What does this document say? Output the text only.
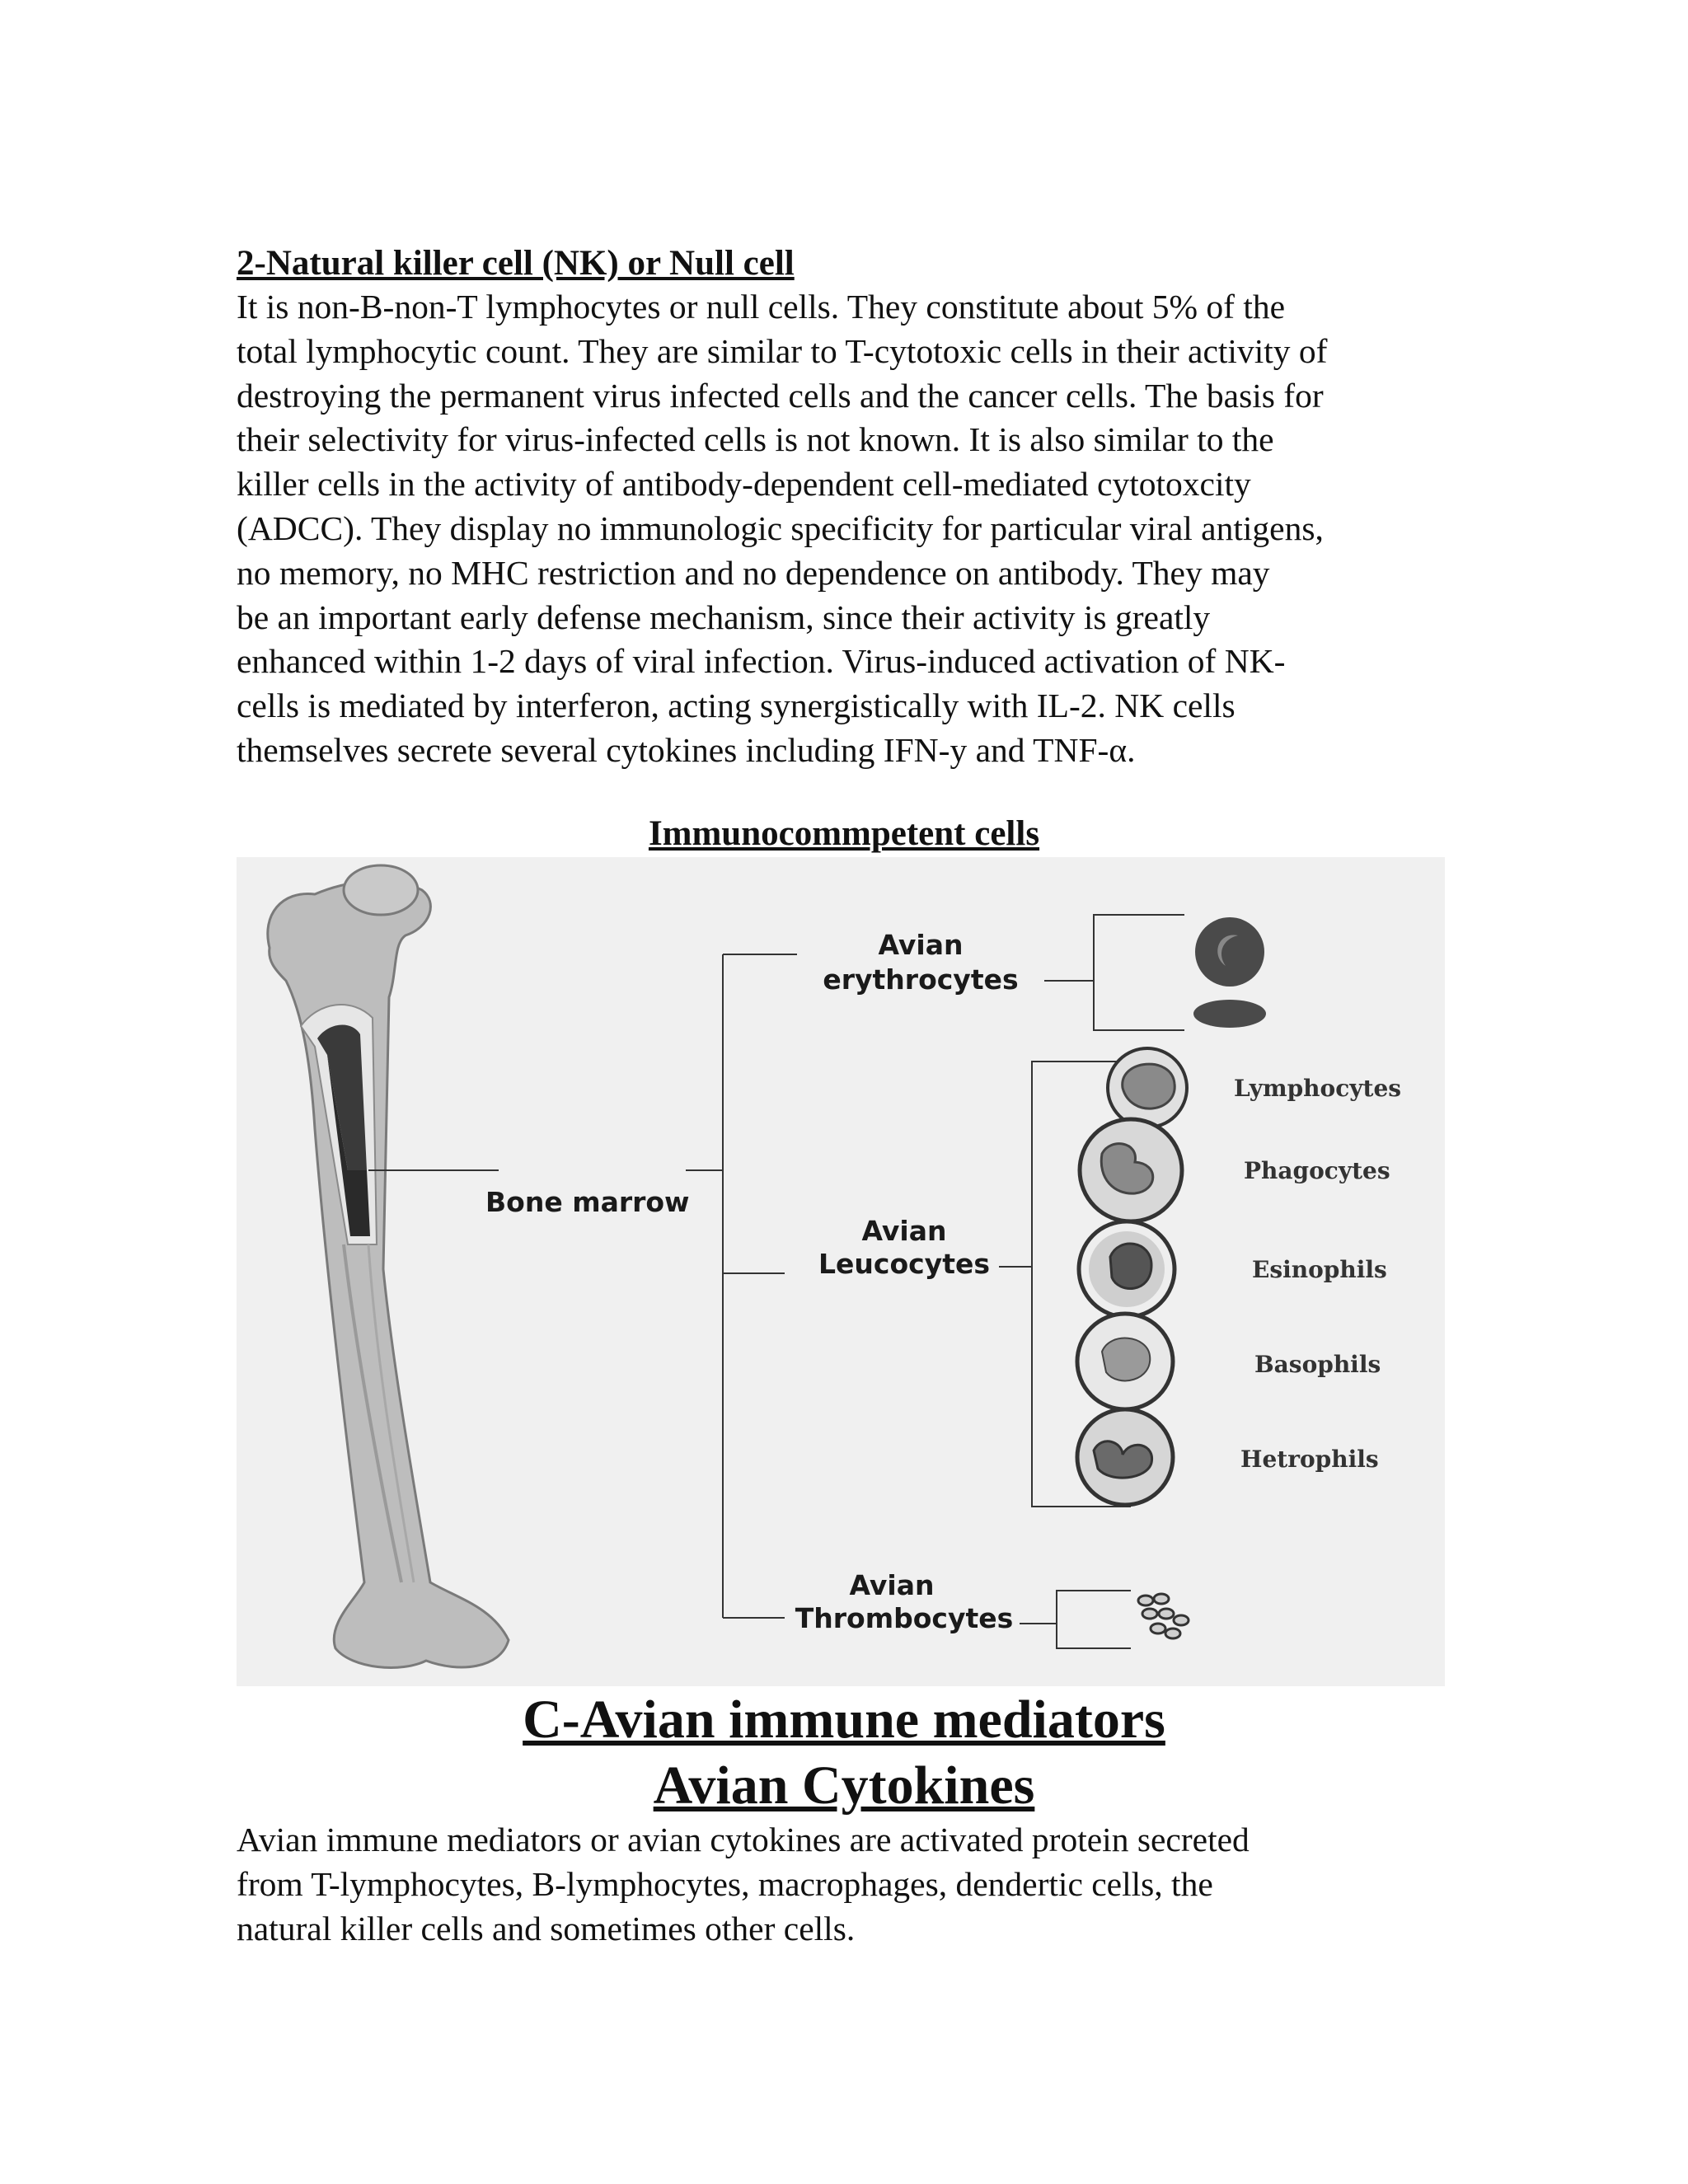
2-Natural killer cell (NK) or Null cell

It is non-B-non-T lymphocytes or null cells. They constitute about 5% of the
total lymphocytic count. They are similar to T-cytotoxic cells in their activity of
destroying the permanent virus infected cells and the cancer cells. The basis for
their selectivity for virus-infected cells is not known. It is also similar to the
killer cells in the activity of antibody-dependent cell-mediated cytotoxcity
(ADCC). They display no immunologic specificity for particular viral antigens,
no memory, no MHC restriction and no dependence on antibody. They may
be an important early defense mechanism, since their activity is greatly
enhanced within 1-2 days of viral infection. Virus-induced activation of NK-
cells is mediated by interferon, acting synergistically with IL-2. NK cells
themselves secrete several cytokines including IFN-y and TNF-α.

Immunocommpetent cells
Bone marrow
Avian
erythrocytes
Avian
Leucocytes
Lymphocytes
Phagocytes
Esinophils
Basophils
Hetrophils
Avian
Thrombocytes
C-Avian immune mediators
Avian Cytokines

Avian immune mediators or avian cytokines are activated protein secreted
from T-lymphocytes, B-lymphocytes, macrophages, dendertic cells, the
natural killer cells and sometimes other cells.
